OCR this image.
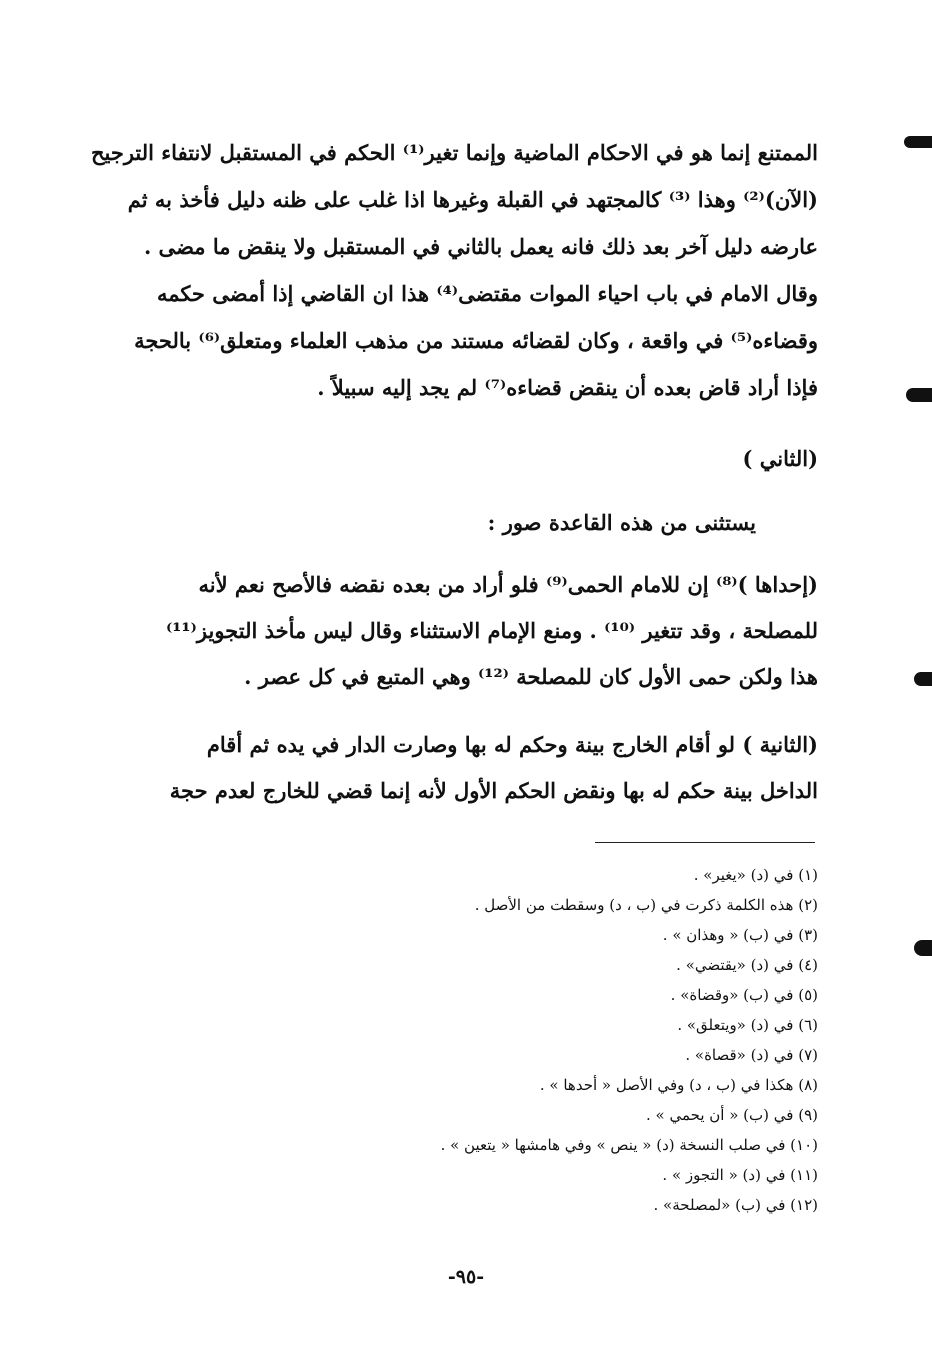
الممتنع إنما هو في الاحكام الماضية وإنما تغير⁽¹⁾ الحكم في المستقبل لانتفاء الترجيح
(الآن)⁽²⁾ وهذا ⁽³⁾ كالمجتهد في القبلة وغيرها اذا غلب على ظنه دليل فأخذ به ثم
عارضه دليل آخر بعد ذلك فانه يعمل بالثاني في المستقبل ولا ينقض ما مضى .
وقال الامام في باب احياء الموات مقتضى⁽⁴⁾ هذا ان القاضي إذا أمضى حكمه
وقضاءه⁽⁵⁾ في واقعة ، وكان لقضائه مستند من مذهب العلماء ومتعلق⁽⁶⁾ بالحجة
فإذا أراد قاض بعده أن ينقض قضاءه⁽⁷⁾ لم يجد إليه سبيلاً .
(الثاني )
يستثنى من هذه القاعدة صور :
(إحداها )⁽⁸⁾ إن للامام الحمى⁽⁹⁾ فلو أراد من بعده نقضه فالأصح نعم لأنه
للمصلحة ، وقد تتغير ⁽¹⁰⁾ . ومنع الإمام الاستثناء وقال ليس مأخذ التجويز⁽¹¹⁾
هذا ولكن حمى الأول كان للمصلحة ⁽¹²⁾ وهي المتبع في كل عصر .
(الثانية ) لو أقام الخارج بينة وحكم له بها وصارت الدار في يده ثم أقام
الداخل بينة حكم له بها ونقض الحكم الأول لأنه إنما قضي للخارج لعدم حجة
(١) في (د) «يغير» .
(٢) هذه الكلمة ذكرت في (ب ، د) وسقطت من الأصل .
(٣) في (ب) « وهذان » .
(٤) في (د) «يقتضي» .
(٥) في (ب) «وقضاة» .
(٦) في (د) «ويتعلق» .
(٧) في (د) «قصاة» .
(٨) هكذا في (ب ، د) وفي الأصل « أحدها » .
(٩) في (ب) « أن يحمي » .
(١٠) في صلب النسخة (د) « ينص » وفي هامشها « يتعين » .
(١١) في (د) « التجوز » .
(١٢) في (ب) «لمصلحة» .
-٩٥-
